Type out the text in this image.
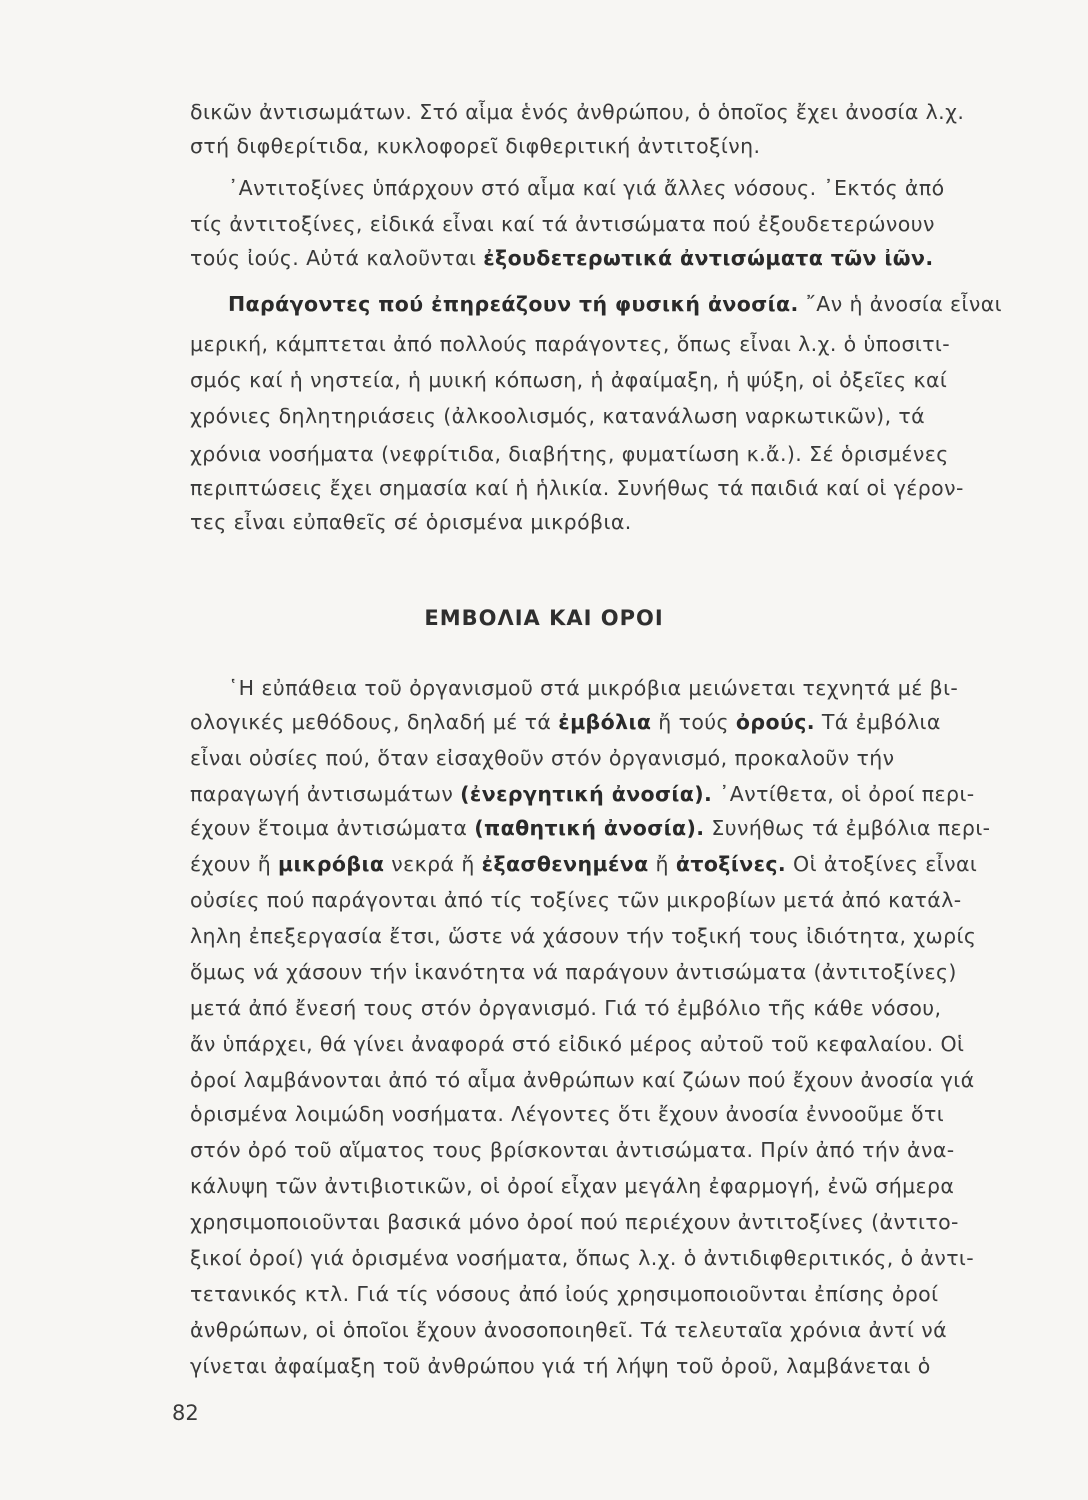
δικῶν ἀντισωμάτων. Στό αἷμα ἑνός ἀνθρώπου, ὁ ὁποῖος ἔχει ἀνοσία λ.χ.
στή διφθερίτιδα, κυκλοφορεῖ διφθεριτική ἀντιτοξίνη.
᾿Αντιτοξίνες ὑπάρχουν στό αἷμα καί γιά ἄλλες νόσους. ᾿Εκτός ἀπό
τίς ἀντιτοξίνες, εἰδικά εἶναι καί τά ἀντισώματα πού ἐξουδετερώνουν
τούς ἰούς. Αὐτά καλοῦνται ἐξουδετερωτικά ἀντισώματα τῶν ἰῶν.
Παράγοντες πού ἐπηρεάζουν τή φυσική ἀνοσία. ῎Αν ἡ ἀνοσία εἶναι
μερική, κάμπτεται ἀπό πολλούς παράγοντες, ὅπως εἶναι λ.χ. ὁ ὑποσιτι-
σμός καί ἡ νηστεία, ἡ μυική κόπωση, ἡ ἀφαίμαξη, ἡ ψύξη, οἱ ὀξεῖες καί
χρόνιες δηλητηριάσεις (ἀλκοολισμός, κατανάλωση ναρκωτικῶν), τά
χρόνια νοσήματα (νεφρίτιδα, διαβήτης, φυματίωση κ.ἄ.). Σέ ὁρισμένες
περιπτώσεις ἔχει σημασία καί ἡ ἡλικία. Συνήθως τά παιδιά καί οἱ γέρον-
τες εἶναι εὐπαθεῖς σέ ὁρισμένα μικρόβια.
ΕΜΒΟΛΙΑ ΚΑΙ ΟΡΟΙ
῾Η εὐπάθεια τοῦ ὀργανισμοῦ στά μικρόβια μειώνεται τεχνητά μέ βι-
ολογικές μεθόδους, δηλαδή μέ τά ἐμβόλια ἤ τούς ὀρούς. Τά ἐμβόλια
εἶναι οὐσίες πού, ὅταν εἰσαχθοῦν στόν ὀργανισμό, προκαλοῦν τήν
παραγωγή ἀντισωμάτων (ἐνεργητική ἀνοσία). ᾿Αντίθετα, οἱ ὀροί περι-
έχουν ἕτοιμα ἀντισώματα (παθητική ἀνοσία). Συνήθως τά ἐμβόλια περι-
έχουν ἤ μικρόβια νεκρά ἤ ἐξασθενημένα ἤ ἀτοξίνες. Οἱ ἀτοξίνες εἶναι
οὐσίες πού παράγονται ἀπό τίς τοξίνες τῶν μικροβίων μετά ἀπό κατάλ-
ληλη ἐπεξεργασία ἔτσι, ὥστε νά χάσουν τήν τοξική τους ἰδιότητα, χωρίς
ὅμως νά χάσουν τήν ἱκανότητα νά παράγουν ἀντισώματα (ἀντιτοξίνες)
μετά ἀπό ἔνεσή τους στόν ὀργανισμό. Γιά τό ἐμβόλιο τῆς κάθε νόσου,
ἄν ὑπάρχει, θά γίνει ἀναφορά στό εἰδικό μέρος αὐτοῦ τοῦ κεφαλαίου. Οἱ
ὀροί λαμβάνονται ἀπό τό αἷμα ἀνθρώπων καί ζώων πού ἔχουν ἀνοσία γιά
ὁρισμένα λοιμώδη νοσήματα. Λέγοντες ὅτι ἔχουν ἀνοσία ἐννοοῦμε ὅτι
στόν ὀρό τοῦ αἵματος τους βρίσκονται ἀντισώματα. Πρίν ἀπό τήν ἀνα-
κάλυψη τῶν ἀντιβιοτικῶν, οἱ ὀροί εἶχαν μεγάλη ἐφαρμογή, ἐνῶ σήμερα
χρησιμοποιοῦνται βασικά μόνο ὀροί πού περιέχουν ἀντιτοξίνες (ἀντιτο-
ξικοί ὀροί) γιά ὁρισμένα νοσήματα, ὅπως λ.χ. ὁ ἀντιδιφθεριτικός, ὁ ἀντι-
τετανικός κτλ. Γιά τίς νόσους ἀπό ἰούς χρησιμοποιοῦνται ἐπίσης ὀροί
ἀνθρώπων, οἱ ὁποῖοι ἔχουν ἀνοσοποιηθεῖ. Τά τελευταῖα χρόνια ἀντί νά
γίνεται ἀφαίμαξη τοῦ ἀνθρώπου γιά τή λήψη τοῦ ὀροῦ, λαμβάνεται ὁ
82
